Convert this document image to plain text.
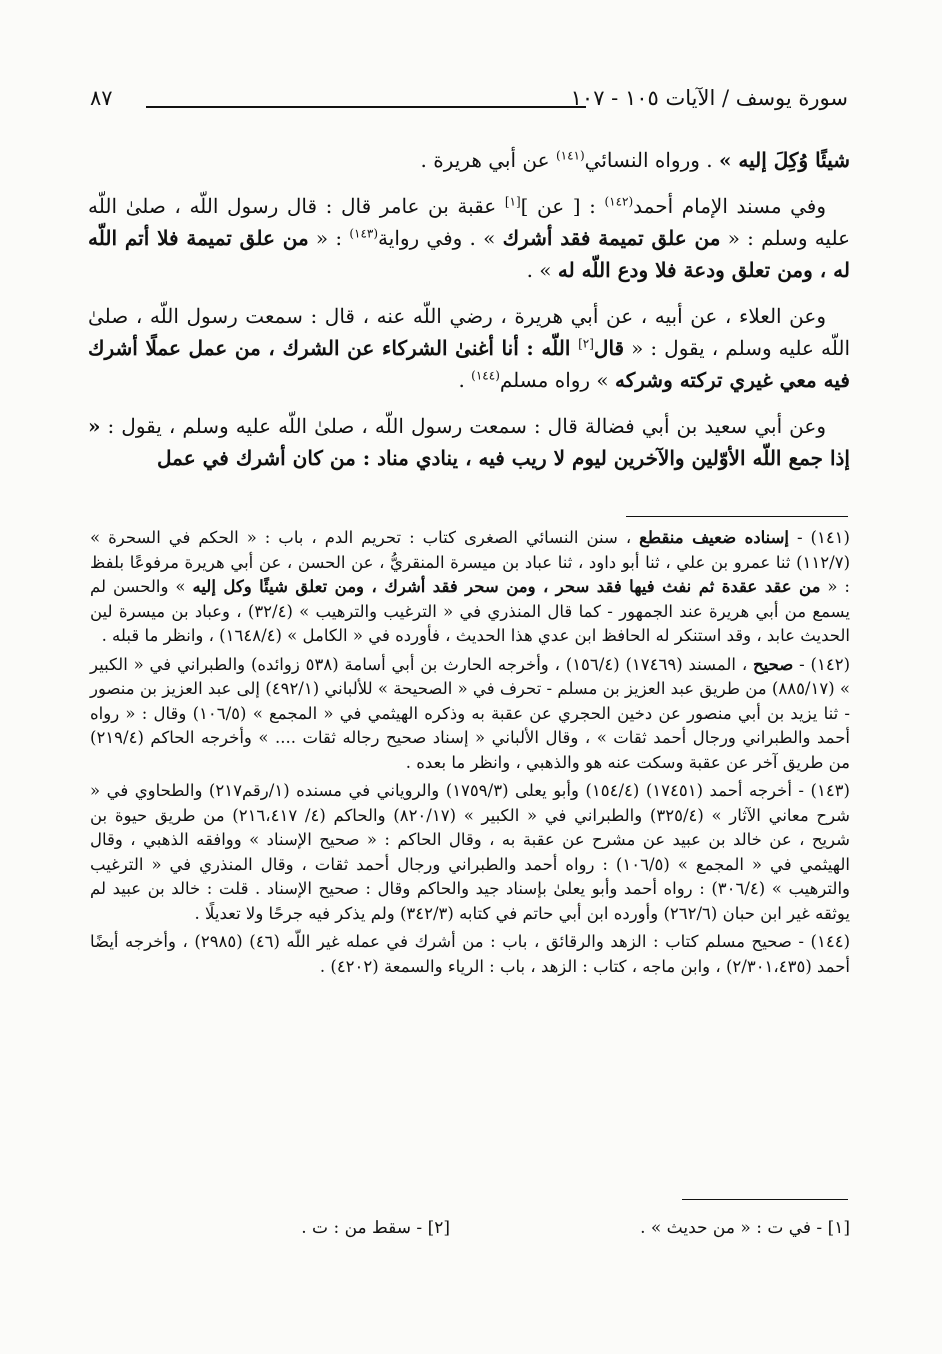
سورة يوسف / الآيات ١٠٥ - ١٠٧
٨٧

شيئًا وُكِلَ إليه » . ورواه النسائي$^{(١٤١)}$ عن أبي هريرة .

وفي مسند الإمام أحمد$^{(١٤٢)}$ : [ عن ][١] عقبة بن عامر قال : قال رسول اللّه ، صلىٰ اللّه عليه وسلم : « من علق تميمة فقد أشرك » . وفي رواية$^{(١٤٣)}$ : « من علق تميمة فلا أتم اللّه له ، ومن تعلق ودعة فلا ودع اللّه له » .

وعن العلاء ، عن أبيه ، عن أبي هريرة ، رضي اللّه عنه ، قال : سمعت رسول اللّه ، صلىٰ اللّه عليه وسلم ، يقول : « قال[٢] اللّه : أنا أغنىٰ الشركاء عن الشرك ، من عمل عملًا أشرك فيه معي غيري تركته وشركه » رواه مسلم$^{(١٤٤)}$ .

وعن أبي سعيد بن أبي فضالة قال : سمعت رسول اللّه ، صلىٰ اللّه عليه وسلم ، يقول : « إذا جمع اللّه الأوّلين والآخرين ليوم لا ريب فيه ، ينادي مناد : من كان أشرك في عمل

(١٤١) - إسناده ضعيف منقطع ، سنن النسائي الصغرى كتاب : تحريم الدم ، باب : « الحكم في السحرة » (١١٢/٧) ثنا عمرو بن علي ، ثنا أبو داود ، ثنا عباد بن ميسرة المنقريُّ ، عن الحسن ، عن أبي هريرة مرفوعًا بلفظ : « من عقد عقدة ثم نفث فيها فقد سحر ، ومن سحر فقد أشرك ، ومن تعلق شيئًا وكل إليه » والحسن لم يسمع من أبي هريرة عند الجمهور - كما قال المنذري في « الترغيب والترهيب » (٣٢/٤) ، وعباد بن ميسرة لين الحديث عابد ، وقد استنكر له الحافظ ابن عدي هذا الحديث ، فأورده في « الكامل » (١٦٤٨/٤) ، وانظر ما قبله .

(١٤٢) - صحيح ، المسند (١٧٤٦٩) (١٥٦/٤) ، وأخرجه الحارث بن أبي أسامة (٥٣٨ زوائده) والطبراني في « الكبير » (٨٨٥/١٧) من طريق عبد العزيز بن مسلم - تحرف في « الصحيحة » للألباني (٤٩٢/١) إلى عبد العزيز بن منصور - ثنا يزيد بن أبي منصور عن دخين الحجري عن عقبة به وذكره الهيثمي في « المجمع » (١٠٦/٥) وقال : « رواه أحمد والطبراني ورجال أحمد ثقات » ، وقال الألباني « إسناد صحيح رجاله ثقات .... » وأخرجه الحاكم (٢١٩/٤) من طريق آخر عن عقبة وسكت عنه هو والذهبي ، وانظر ما بعده .

(١٤٣) - أخرجه أحمد (١٧٤٥١) (١٥٤/٤) وأبو يعلى (١٧٥٩/٣) والروياني في مسنده (١/رقم٢١٧) والطحاوي في « شرح معاني الآثار » (٣٢٥/٤) والطبراني في « الكبير » (٨٢٠/١٧) والحاكم (٤/ ٢١٦،٤١٧) من طريق حيوة بن شريح ، عن خالد بن عبيد عن مشرح عن عقبة به ، وقال الحاكم : « صحيح الإسناد » ووافقه الذهبي ، وقال الهيثمي في « المجمع » (١٠٦/٥) : رواه أحمد والطبراني ورجال أحمد ثقات ، وقال المنذري في « الترغيب والترهيب » (٣٠٦/٤) : رواه أحمد وأبو يعلىٰ بإسناد جيد والحاكم وقال : صحيح الإسناد . قلت : خالد بن عبيد لم يوثقه غير ابن حبان (٢٦٢/٦) وأورده ابن أبي حاتم في كتابه (٣٤٢/٣) ولم يذكر فيه جرحًا ولا تعديلًا .

(١٤٤) - صحيح مسلم كتاب : الزهد والرقائق ، باب : من أشرك في عمله غير اللّه (٤٦) (٢٩٨٥) ، وأخرجه أيضًا أحمد (٢/٣٠١،٤٣٥) ، وابن ماجه ، كتاب : الزهد ، باب : الرياء والسمعة (٤٢٠٢) .

[١] - في ت : « من حديث » .
[٢] - سقط من : ت .
